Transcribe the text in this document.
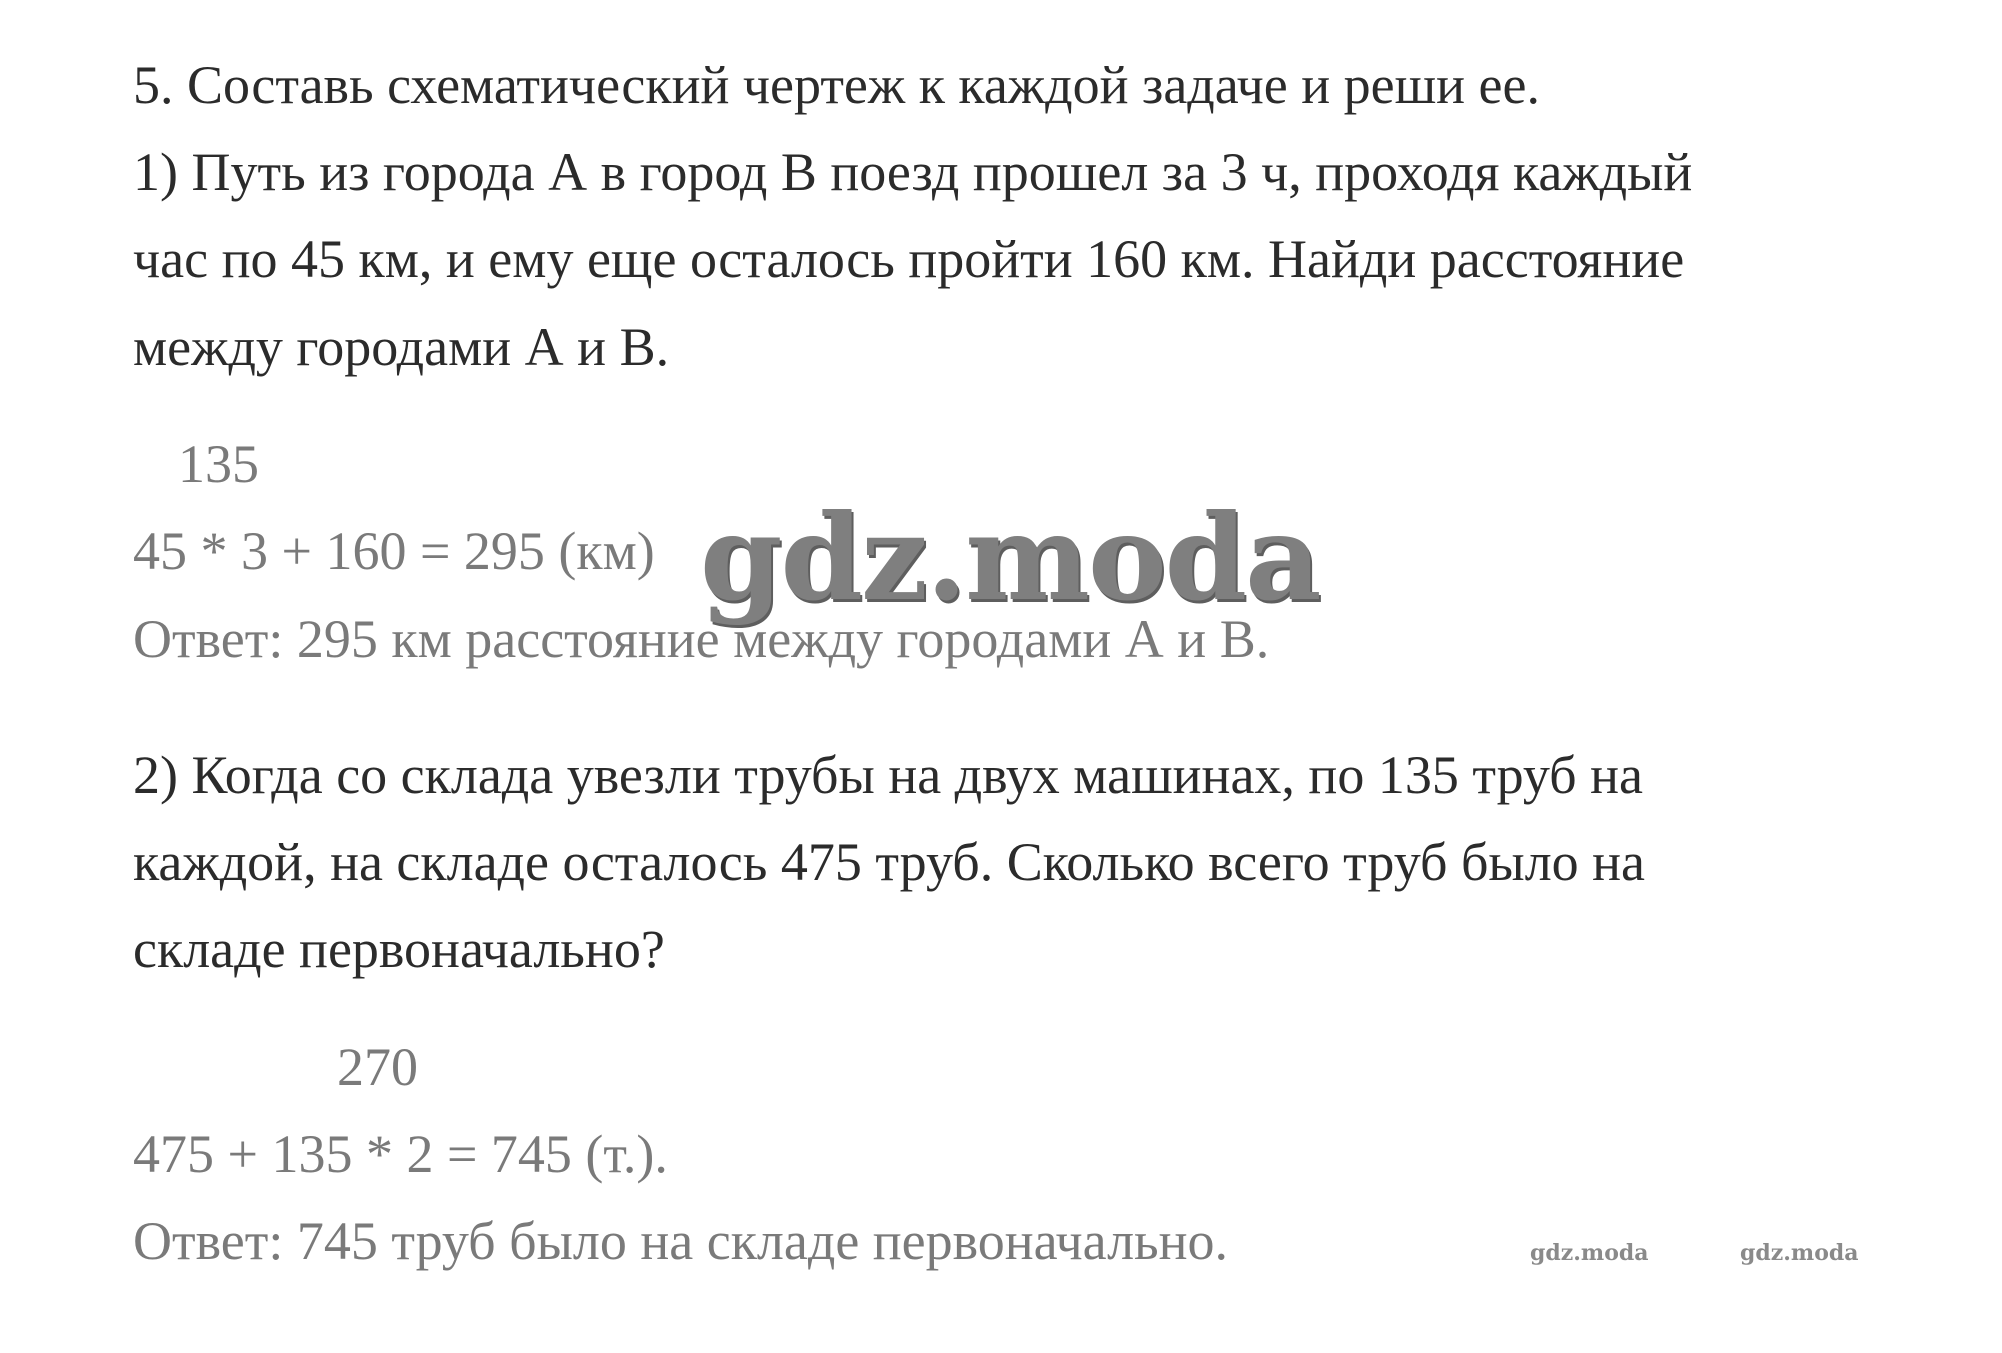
5. Составь схематический чертеж к каждой задаче и реши ее.
1) Путь из города А в город В поезд прошел за 3 ч, проходя каждый
час по 45 км, и ему еще осталось пройти 160 км. Найди расстояние
между городами А и В.
135
45 * 3 + 160 = 295 (км)
Ответ: 295 км расстояние между городами А и В.
2) Когда со склада увезли трубы на двух машинах, по 135 труб на
каждой, на складе осталось 475 труб. Сколько всего труб было на
складе первоначально?
270
475 + 135 * 2 = 745 (т.).
Ответ: 745 труб было на складе первоначально.
gdz.moda
gdz.moda	gdz.moda
